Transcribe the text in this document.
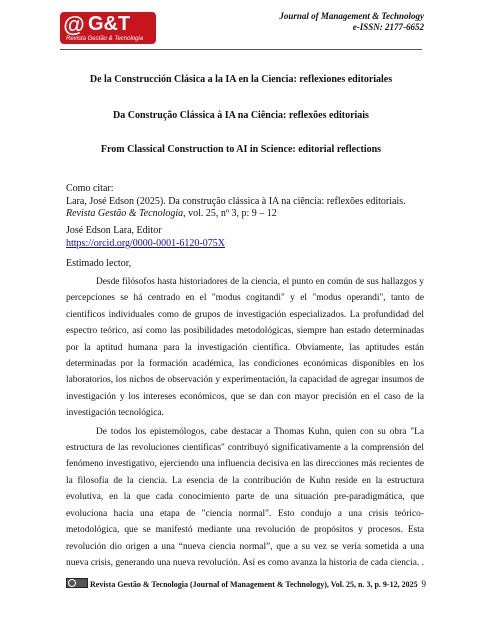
@ G&T
Revista Gestão & Tecnologia
Journal of Management & Technology
e-ISSN: 2177-6652
De la Construcción Clásica a la IA en la Ciencia: reflexiones editoriales
Da Construção Clássica à IA na Ciência: reflexões editoriais
From Classical Construction to AI in Science: editorial reflections
Como citar:
Lara, José Edson (2025). Da construção clássica à IA na ciência: reflexões editoriais. Revista Gestão & Tecnologia, vol. 25, nº 3, p: 9 – 12
José Edson Lara, Editor
https://orcid.org/0000-0001-6120-075X
Estimado lector,

Desde filósofos hasta historiadores de la ciencia, el punto en común de sus hallazgos y percepciones se há centrado en el "modus cogitandi" y el "modus operandi", tanto de científicos individuales como de grupos de investigación especializados. La profundidad del espectro teórico, así como las posibilidades metodológicas, siempre han estado determinadas por la aptitud humana para la investigación científica. Obviamente, las aptitudes están determinadas por la formación académica, las condiciones económicas disponibles en los laboratorios, los nichos de observación y experimentación, la capacidad de agregar insumos de investigación y los intereses económicos, que se dan con mayor precisión en el caso de la investigación tecnológica.

De todos los epistemólogos, cabe destacar a Thomas Kuhn, quien con su obra "La estructura de las revoluciones científicas" contribuyó significativamente a la comprensión del fenómeno investigativo, ejerciendo una influencia decisiva en las direcciones más recientes de la filosofía de la ciencia. La esencia de la contribución de Kuhn reside en la estructura evolutiva, en la que cada conocimiento parte de una situación pre-paradigmática, que evoluciona hacia una etapa de "ciencia normal". Esto condujo a una crisis teórico-metodológica, que se manifestó mediante una revolución de propósitos y procesos. Esta revolución dio origen a una “nueva ciencia normal”, que a su vez se vería sometida a una nueva crisis, generando una nueva revolución. Así es como avanza la historia de cada ciencia. .

Revista Gestão & Tecnologia (Journal of Management & Technology), Vol. 25, n. 3, p. 9-12, 2025 9
